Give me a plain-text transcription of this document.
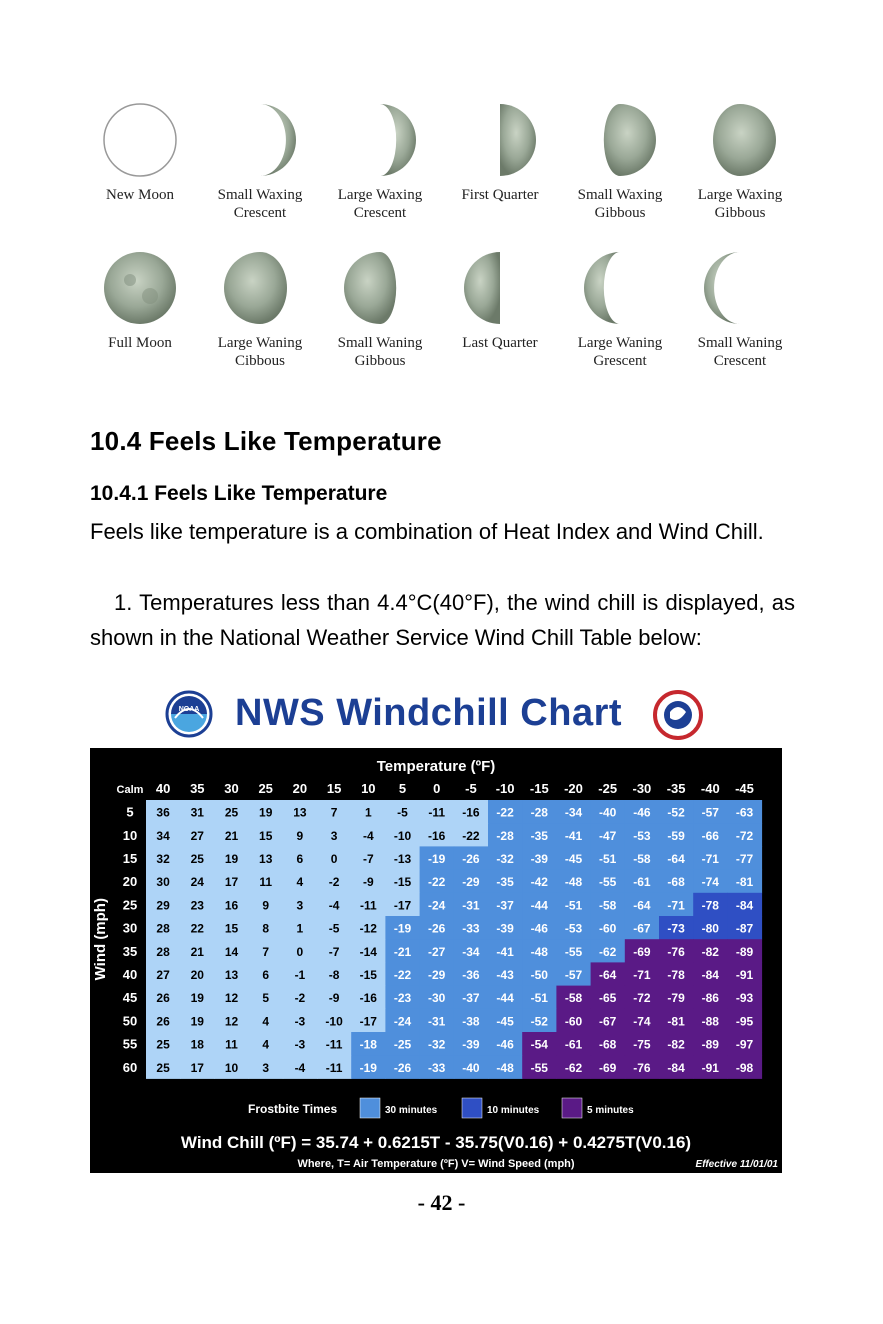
New Moon	Small Waxing
Crescent
Large Waxing
Crescent
First Quarter	Small Waxing
Gibbous
Large Waxing
Gibbous
Full Moon	Large Waning
Cibbous
Small Waning
Gibbous
Last Quarter	Large Waning
Grescent
Small Waning
Crescent
10.4 Feels Like Temperature
10.4.1 Feels Like Temperature

Feels like temperature is a combination of Heat Index and Wind Chill.

1. Temperatures less than 4.4°C(40°F), the wind chill is displayed, as shown in the National Weather Service Wind Chill Table below:

NOAA NWS Windchill Chart
Temperature (ºF)
Calm 40 35 30 25 20 15 10 5 0 -5 -10 -15 -20 -25 -30 -35 -40 -45
5 36 31 25 19 13 7 1 -5 -11 -16 -22 -28 -34 -40 -46 -52 -57 -63
10 34 27 21 15 9 3 -4 -10 -16 -22 -28 -35 -41 -47 -53 -59 -66 -72
15 32 25 19 13 6 0 -7 -13 -19 -26 -32 -39 -45 -51 -58 -64 -71 -77
20 30 24 17 11 4 -2 -9 -15 -22 -29 -35 -42 -48 -55 -61 -68 -74 -81
25 29 23 16 9 3 -4 -11 -17 -24 -31 -37 -44 -51 -58 -64 -71 -78 -84
30 28 22 15 8 1 -5 -12 -19 -26 -33 -39 -46 -53 -60 -67 -73 -80 -87
35 28 21 14 7 0 -7 -14 -21 -27 -34 -41 -48 -55 -62 -69 -76 -82 -89
40 27 20 13 6 -1 -8 -15 -22 -29 -36 -43 -50 -57 -64 -71 -78 -84 -91
45 26 19 12 5 -2 -9 -16 -23 -30 -37 -44 -51 -58 -65 -72 -79 -86 -93
50 26 19 12 4 -3 -10 -17 -24 -31 -38 -45 -52 -60 -67 -74 -81 -88 -95
55 25 18 11 4 -3 -11 -18 -25 -32 -39 -46 -54 -61 -68 -75 -82 -89 -97
60 25 17 10 3 -4 -11 -19 -26 -33 -40 -48 -55 -62 -69 -76 -84 -91 -98
Wind (mph)
Frostbite Times	30 minutes	10 minutes	5 minutes
Wind Chill (ºF) = 35.74 + 0.6215T - 35.75(V0.16) + 0.4275T(V0.16)
Where, T= Air Temperature (ºF) V= Wind Speed (mph)	Effective 11/01/01
- 42 -
